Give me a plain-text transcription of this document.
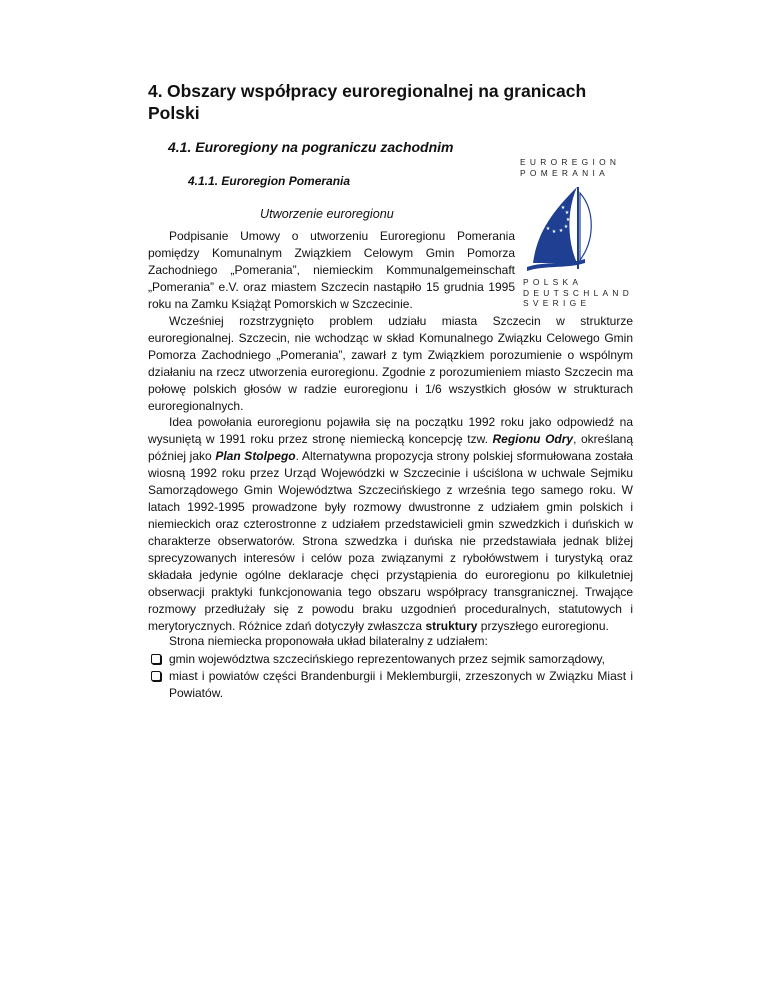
4. Obszary współpracy euroregionalnej na granicach Polski
4.1. Euroregiony na pograniczu zachodnim
4.1.1. Euroregion Pomerania
EUROREGION
POMERANIA
★ ★
★
★
★
★
★
★
★
★
★
★
POLSKA
DEUTSCHLAND
SVERIGE
Utworzenie euroregionu

Podpisanie Umowy o utworzeniu Euroregionu Pomerania pomiędzy Komunalnym Związkiem Celowym Gmin Pomorza Zachodniego „Pomerania”, niemieckim Kommunalgemeinschaft „Pomerania” e.V. oraz miastem Szczecin nastąpiło 15 grudnia 1995 roku na Zamku Książąt Pomorskich w Szczecinie.

Wcześniej rozstrzygnięto problem udziału miasta Szczecin w strukturze euroregionalnej. Szczecin, nie wchodząc w skład Komunalnego Związku Celowego Gmin Pomorza Zachodniego „Pomerania”, zawarł z tym Związkiem porozumienie o wspólnym działaniu na rzecz utworzenia euroregionu. Zgodnie z porozumieniem miasto Szczecin ma połowę polskich głosów w radzie euroregionu i 1/6 wszystkich głosów w strukturach euroregionalnych.

Idea powołania euroregionu pojawiła się na początku 1992 roku jako odpowiedź na wysuniętą w 1991 roku przez stronę niemiecką koncepcję tzw. Regionu Odry, określaną później jako Plan Stolpego. Alternatywna propozycja strony polskiej sformułowana została wiosną 1992 roku przez Urząd Wojewódzki w Szczecinie i uściślona w uchwale Sejmiku Samorządowego Gmin Województwa Szczecińskiego z września tego samego roku. W latach 1992-1995 prowadzone były rozmowy dwustronne z udziałem gmin polskich i niemieckich oraz czterostronne z udziałem przedstawicieli gmin szwedzkich i duńskich w charakterze obserwatorów. Strona szwedzka i duńska nie przedstawiała jednak bliżej sprecyzowanych interesów i celów poza związanymi z rybołówstwem i turystyką oraz składała jedynie ogólne deklaracje chęci przystąpienia do euroregionu po kilkuletniej obserwacji praktyki funkcjonowania tego obszaru współpracy transgranicznej. Trwające rozmowy przedłużały się z powodu braku uzgodnień proceduralnych, statutowych i merytorycznych. Różnice zdań dotyczyły zwłaszcza struktury przyszłego euroregionu.

Strona niemiecka proponowała układ bilateralny z udziałem:

gmin województwa szczecińskiego reprezentowanych przez sejmik samorządowy,
miast i powiatów części Brandenburgii i Meklemburgii, zrzeszonych w Związku Miast i Powiatów.
